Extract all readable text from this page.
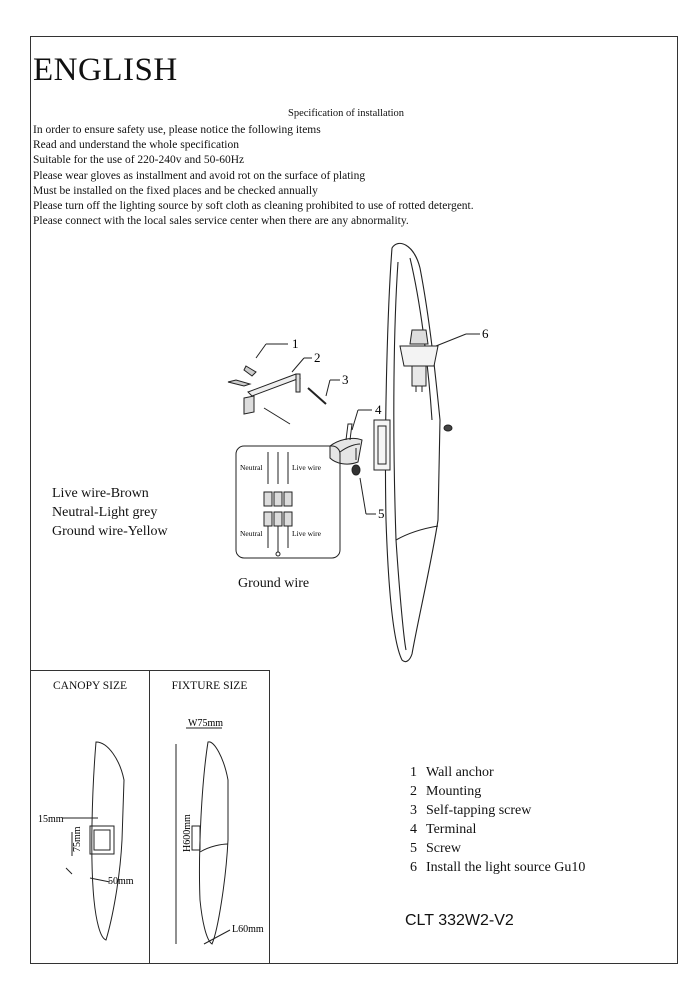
ENGLISH
Specification of installation
In order to ensure safety use, please notice the following items
Read and understand the whole specification
Suitable for the use of 220-240v and 50-60Hz
Please wear gloves as installment and avoid rot on the surface of plating
Must be installed on the fixed places and be checked annually
Please turn off the lighting source by soft cloth as cleaning prohibited to use of rotted detergent.
Please connect with the local sales service center when there are any abnormality.
1
2
3
4
5
6
Neutral	Live wire
Neutral	Live wire
15mm
75mm
50mm
W75mm
H600mm
L60mm
Live wire-Brown
Neutral-Light grey
Ground wire-Yellow
Ground wire
CANOPY SIZE	FIXTURE SIZE
1 Wall anchor
2 Mounting
3 Self-tapping screw
4 Terminal
5 Screw
6 Install the light source Gu10
CLT 332W2-V2
